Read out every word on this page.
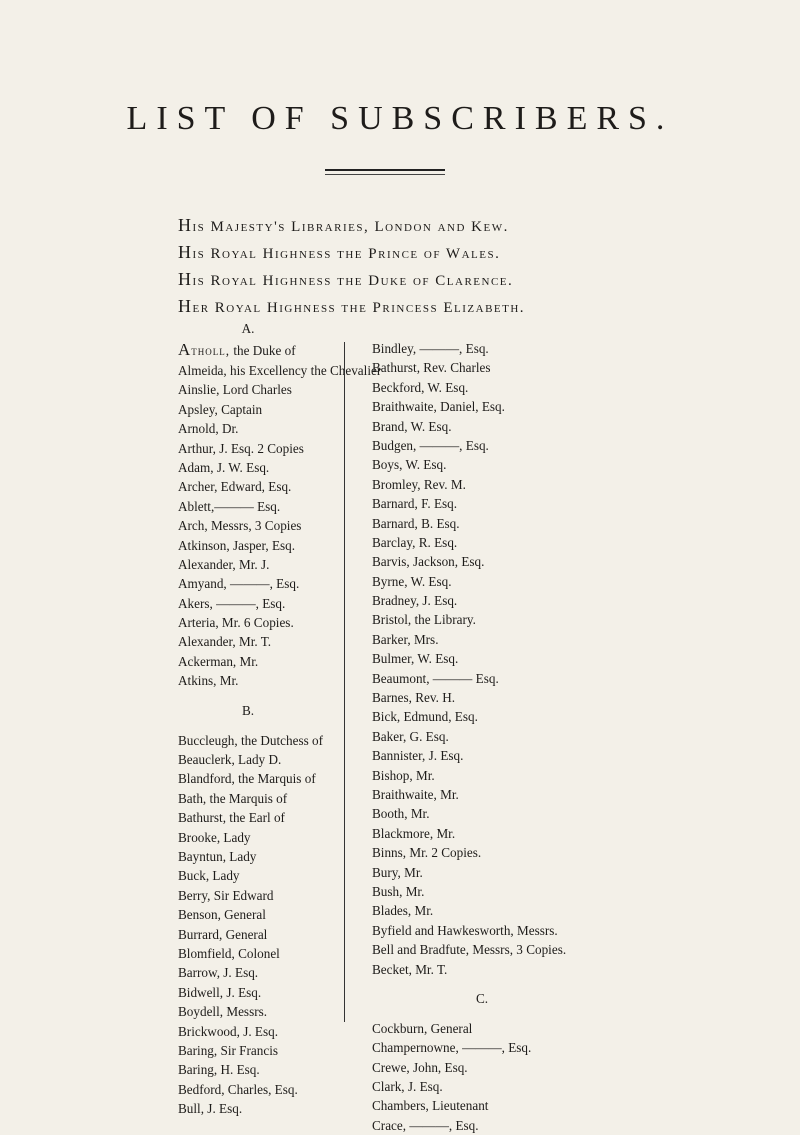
LIST OF SUBSCRIBERS.
His Majesty's Libraries, London and Kew.
His Royal Highness the Prince of Wales.
His Royal Highness the Duke of Clarence.
Her Royal Highness the Princess Elizabeth.
A.
Atholl, the Duke of
Almeida, his Excellency the Chevalier
Ainslie, Lord Charles
Apsley, Captain
Arnold, Dr.
Arthur, J. Esq. 2 Copies
Adam, J. W. Esq.
Archer, Edward, Esq.
Ablett,——— Esq.
Arch, Messrs, 3 Copies
Atkinson, Jasper, Esq.
Alexander, Mr. J.
Amyand, ———, Esq.
Akers, ———, Esq.
Arteria, Mr. 6 Copies.
Alexander, Mr. T.
Ackerman, Mr.
Atkins, Mr.
B.
Buccleugh, the Dutchess of
Beauclerk, Lady D.
Blandford, the Marquis of
Bath, the Marquis of
Bathurst, the Earl of
Brooke, Lady
Bayntun, Lady
Buck, Lady
Berry, Sir Edward
Benson, General
Burrard, General
Blomfield, Colonel
Barrow, J. Esq.
Bidwell, J. Esq.
Boydell, Messrs.
Brickwood, J. Esq.
Baring, Sir Francis
Baring, H. Esq.
Bedford, Charles, Esq.
Bull, J. Esq.
Bindley, ———, Esq.
Bathurst, Rev. Charles
Beckford, W. Esq.
Braithwaite, Daniel, Esq.
Brand, W. Esq.
Budgen, ———, Esq.
Boys, W. Esq.
Bromley, Rev. M.
Barnard, F. Esq.
Barnard, B. Esq.
Barclay, R. Esq.
Barvis, Jackson, Esq.
Byrne, W. Esq.
Bradney, J. Esq.
Bristol, the Library.
Barker, Mrs.
Bulmer, W. Esq.
Beaumont, ——— Esq.
Barnes, Rev. H.
Bick, Edmund, Esq.
Baker, G. Esq.
Bannister, J. Esq.
Bishop, Mr.
Braithwaite, Mr.
Booth, Mr.
Blackmore, Mr.
Binns, Mr. 2 Copies.
Bury, Mr.
Bush, Mr.
Blades, Mr.
Byfield and Hawkesworth, Messrs.
Bell and Bradfute, Messrs, 3 Copies.
Becket, Mr. T.
C.
Cockburn, General
Champernowne, ———, Esq.
Crewe, John, Esq.
Clark, J. Esq.
Chambers, Lieutenant
Crace, ———, Esq.
